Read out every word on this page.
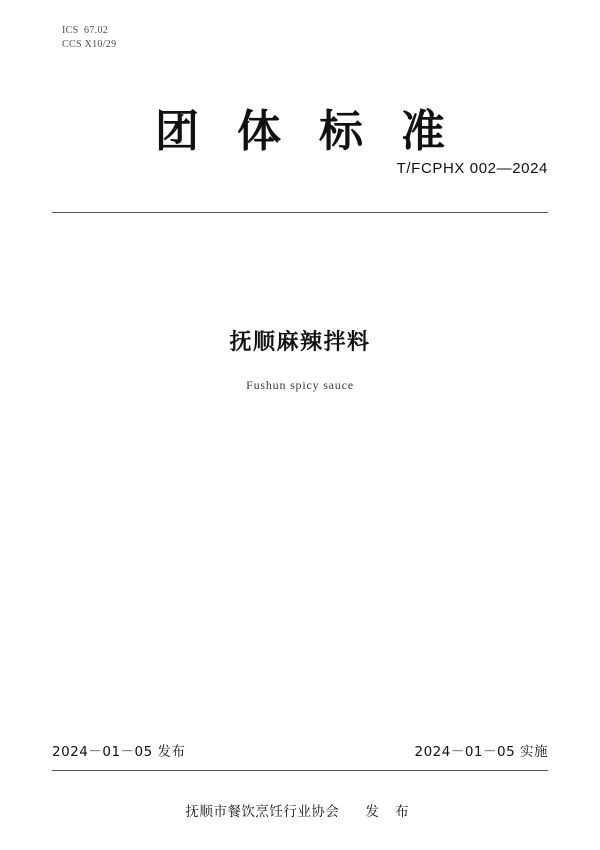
ICS  67.02
CCS X10/29
团体标准
T/FCPHX 002—2024
抚顺麻辣拌料
Fushun spicy sauce
2024－01－05 发布	2024－01－05 实施
抚顺市餐饮烹饪行业协会 发 布
